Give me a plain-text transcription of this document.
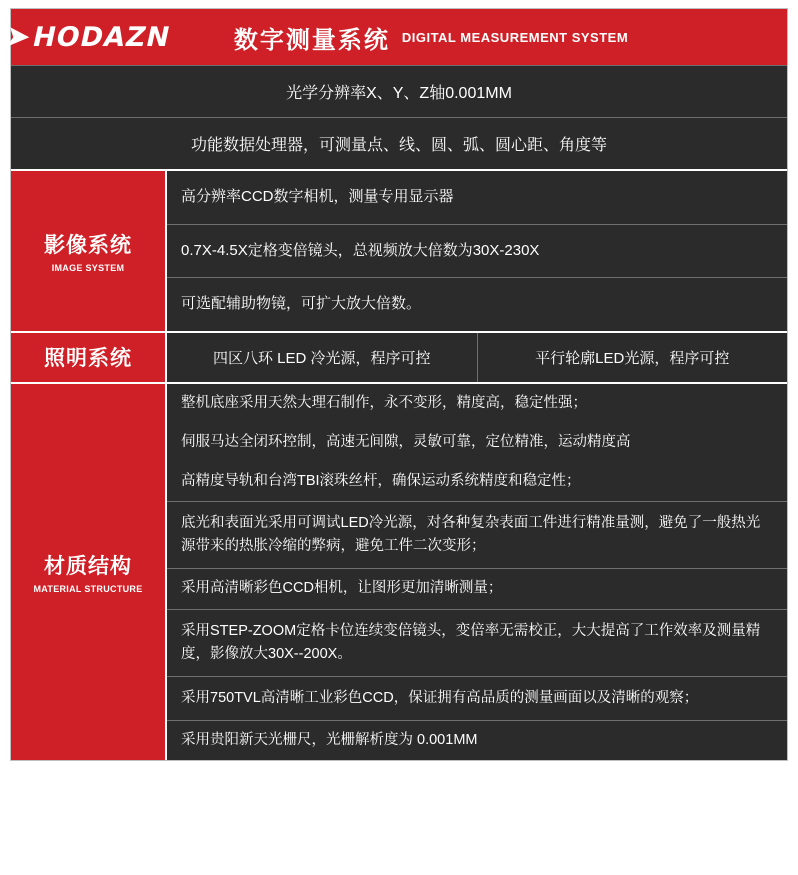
➤
HODAZN	数字测量系统 DIGITAL MEASUREMENT SYSTEM
光学分辨率X、Y、Z轴0.001MM
功能数据处理器，可测量点、线、圆、弧、圆心距、角度等
影像系统
IMAGE SYSTEM
高分辨率CCD数字相机，测量专用显示器
0.7X-4.5X定格变倍镜头，总视频放大倍数为30X-230X
可选配辅助物镜，可扩大放大倍数。
照明系统	四区八环 LED 冷光源，程序可控	平行轮廓LED光源，程序可控
材质结构
MATERIAL STRUCTURE
整机底座采用天然大理石制作，永不变形，精度高，稳定性强；
伺服马达全闭环控制，高速无间隙，灵敏可靠，定位精准，运动精度高
高精度导轨和台湾TBI滚珠丝杆，确保运动系统精度和稳定性；
底光和表面光采用可调试LED冷光源，对各种复杂表面工件进行精准量测，避免了一般热光源带来的热胀冷缩的弊病，避免工件二次变形；
采用高清晰彩色CCD相机，让图形更加清晰测量；
采用STEP-ZOOM定格卡位连续变倍镜头，变倍率无需校正，大大提高了工作效率及测量精度，影像放大30X--200X。
采用750TVL高清晰工业彩色CCD，保证拥有高品质的测量画面以及清晰的观察；
采用贵阳新天光栅尺，光栅解析度为 0.001MM
